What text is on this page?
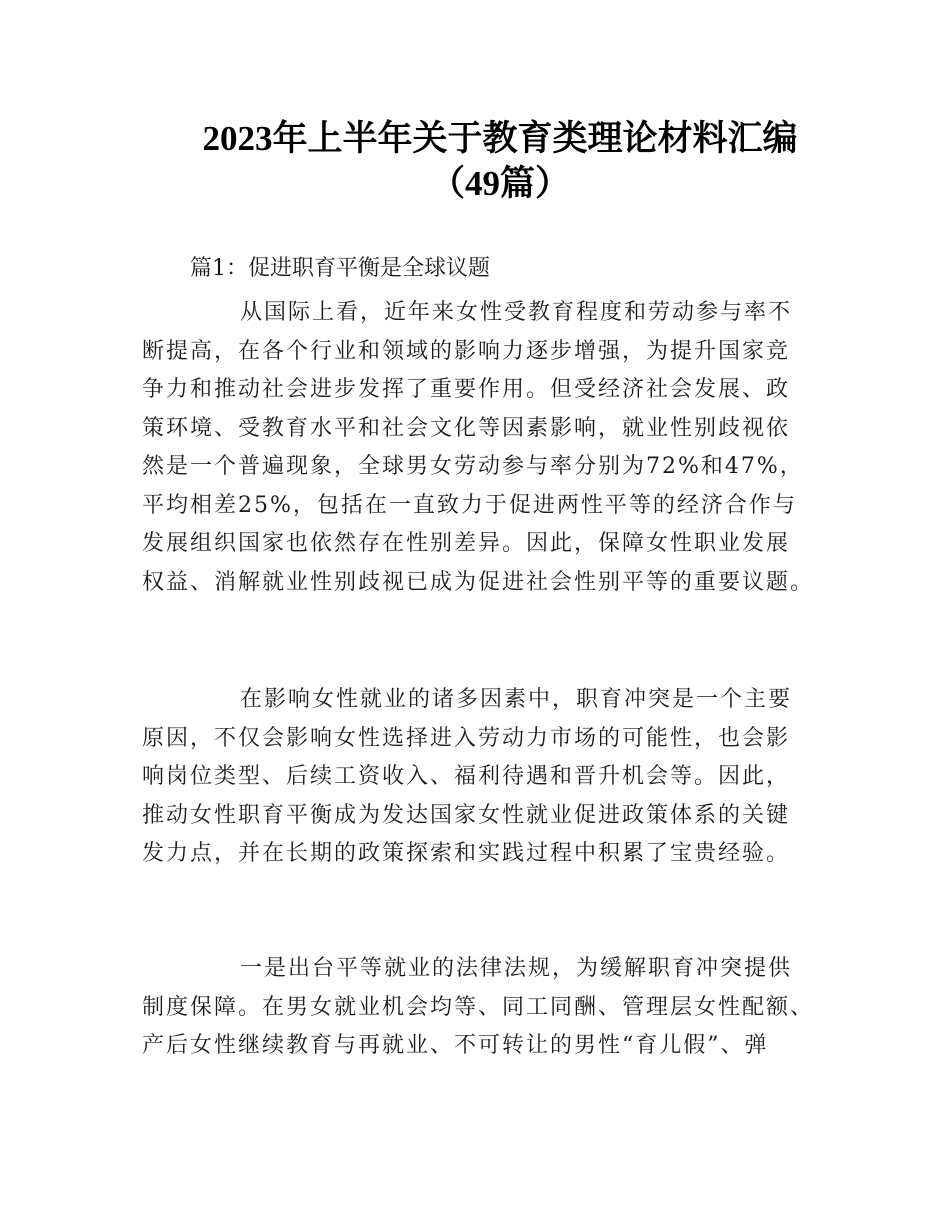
2023年上半年关于教育类理论材料汇编
（49篇）

篇1：促进职育平衡是全球议题

从国际上看，近年来女性受教育程度和劳动参与率不
断提高，在各个行业和领域的影响力逐步增强，为提升国家竞
争力和推动社会进步发挥了重要作用。但受经济社会发展、政
策环境、受教育水平和社会文化等因素影响，就业性别歧视依
然是一个普遍现象，全球男女劳动参与率分别为72%和47%，
平均相差25%，包括在一直致力于促进两性平等的经济合作与
发展组织国家也依然存在性别差异。因此，保障女性职业发展
权益、消解就业性别歧视已成为促进社会性别平等的重要议题。
在影响女性就业的诸多因素中，职育冲突是一个主要
原因，不仅会影响女性选择进入劳动力市场的可能性，也会影
响岗位类型、后续工资收入、福利待遇和晋升机会等。因此，
推动女性职育平衡成为发达国家女性就业促进政策体系的关键
发力点，并在长期的政策探索和实践过程中积累了宝贵经验。
一是出台平等就业的法律法规，为缓解职育冲突提供
制度保障。在男女就业机会均等、同工同酬、管理层女性配额、
产后女性继续教育与再就业、不可转让的男性“育儿假”、弹
